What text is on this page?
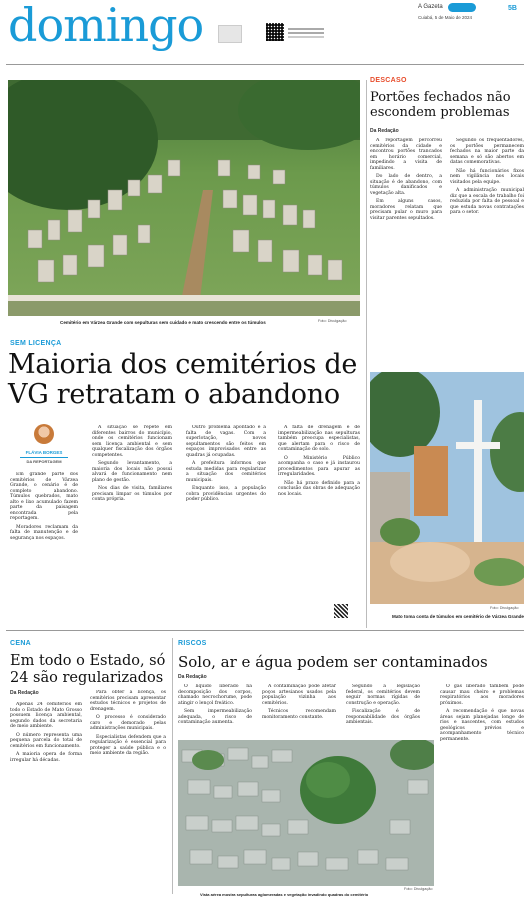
domingo	A Gazeta
Cuiabá, 5 de Maio de 2024
5B
Cemitério em Várzea Grande com sepulturas sem cuidado e mato crescendo entre os túmulos	Foto: Divulgação
SEM LICENÇA
Maioria dos cemitérios de VG retratam o abandono
FLÁVIA BORGES
DA REPORTAGEM

Em grande parte dos cemitérios de Várzea Grande, o cenário é de completo abandono. Túmulos quebrados, mato alto e lixo acumulado fazem parte da paisagem encontrada pela reportagem.

Moradores reclamam da falta de manutenção e de segurança nos espaços.

A situação se repete em diferentes bairros do município, onde os cemitérios funcionam sem licença ambiental e sem qualquer fiscalização dos órgãos competentes.

Segundo levantamento, a maioria dos locais não possui alvará de funcionamento nem plano de gestão.

Nos dias de visita, familiares precisam limpar os túmulos por conta própria.

Outro problema apontado é a falta de vagas. Com a superlotação, novos sepultamentos são feitos em espaços improvisados entre as quadras já ocupadas.

A prefeitura informou que estuda medidas para regularizar a situação dos cemitérios municipais.

Enquanto isso, a população cobra providências urgentes do poder público.

A falta de drenagem e de impermeabilização nas sepulturas também preocupa especialistas, que alertam para o risco de contaminação do solo.

O Ministério Público acompanha o caso e já instaurou procedimentos para apurar as irregularidades.

Não há prazo definido para a conclusão das obras de adequação nos locais.

DESCASO
Portões fechados não escondem problemas
Da Redação

A reportagem percorreu cemitérios da cidade e encontrou portões trancados em horário comercial, impedindo a visita de familiares.

Do lado de dentro, a situação é de abandono, com túmulos danificados e vegetação alta.

Em alguns casos, moradores relatam que precisam pular o muro para visitar parentes sepultados.

Segundo os frequentadores, os portões permanecem fechados na maior parte da semana e só são abertos em datas comemorativas.

Não há funcionários fixos nem vigilância nos locais visitados pela equipe.

A administração municipal diz que a escala de trabalho foi reduzida por falta de pessoal e que estuda novas contratações para o setor.

Foto: Divulgação
Mato toma conta de túmulos em cemitério de Várzea Grande
CENA
Em todo o Estado, só 24 são regularizados
Da Redação

Apenas 24 cemitérios em todo o Estado de Mato Grosso possuem licença ambiental, segundo dados da secretaria de meio ambiente.

O número representa uma pequena parcela do total de cemitérios em funcionamento.

A maioria opera de forma irregular há décadas.

Para obter a licença, os cemitérios precisam apresentar estudos técnicos e projetos de drenagem.

O processo é considerado caro e demorado pelas administrações municipais.

Especialistas defendem que a regularização é essencial para proteger a saúde pública e o meio ambiente da região.

RISCOS
Solo, ar e água podem ser contaminados
Da Redação

O líquido liberado na decomposição dos corpos, chamado necrochorume, pode atingir o lençol freático.

Sem impermeabilização adequada, o risco de contaminação aumenta.

A contaminação pode afetar poços artesianos usados pela população vizinha aos cemitérios.

Técnicos recomendam monitoramento constante.

Segundo a legislação federal, os cemitérios devem seguir normas rígidas de construção e operação.

Fiscalização é de responsabilidade dos órgãos ambientais.

O gás liberado também pode causar mau cheiro e problemas respiratórios aos moradores próximos.

A recomendação é que novas áreas sejam planejadas longe de rios e nascentes, com estudos geológicos prévios e acompanhamento técnico permanente.

Foto: Divulgação
Vista aérea mostra sepulturas aglomeradas e vegetação invadindo quadras do cemitério
